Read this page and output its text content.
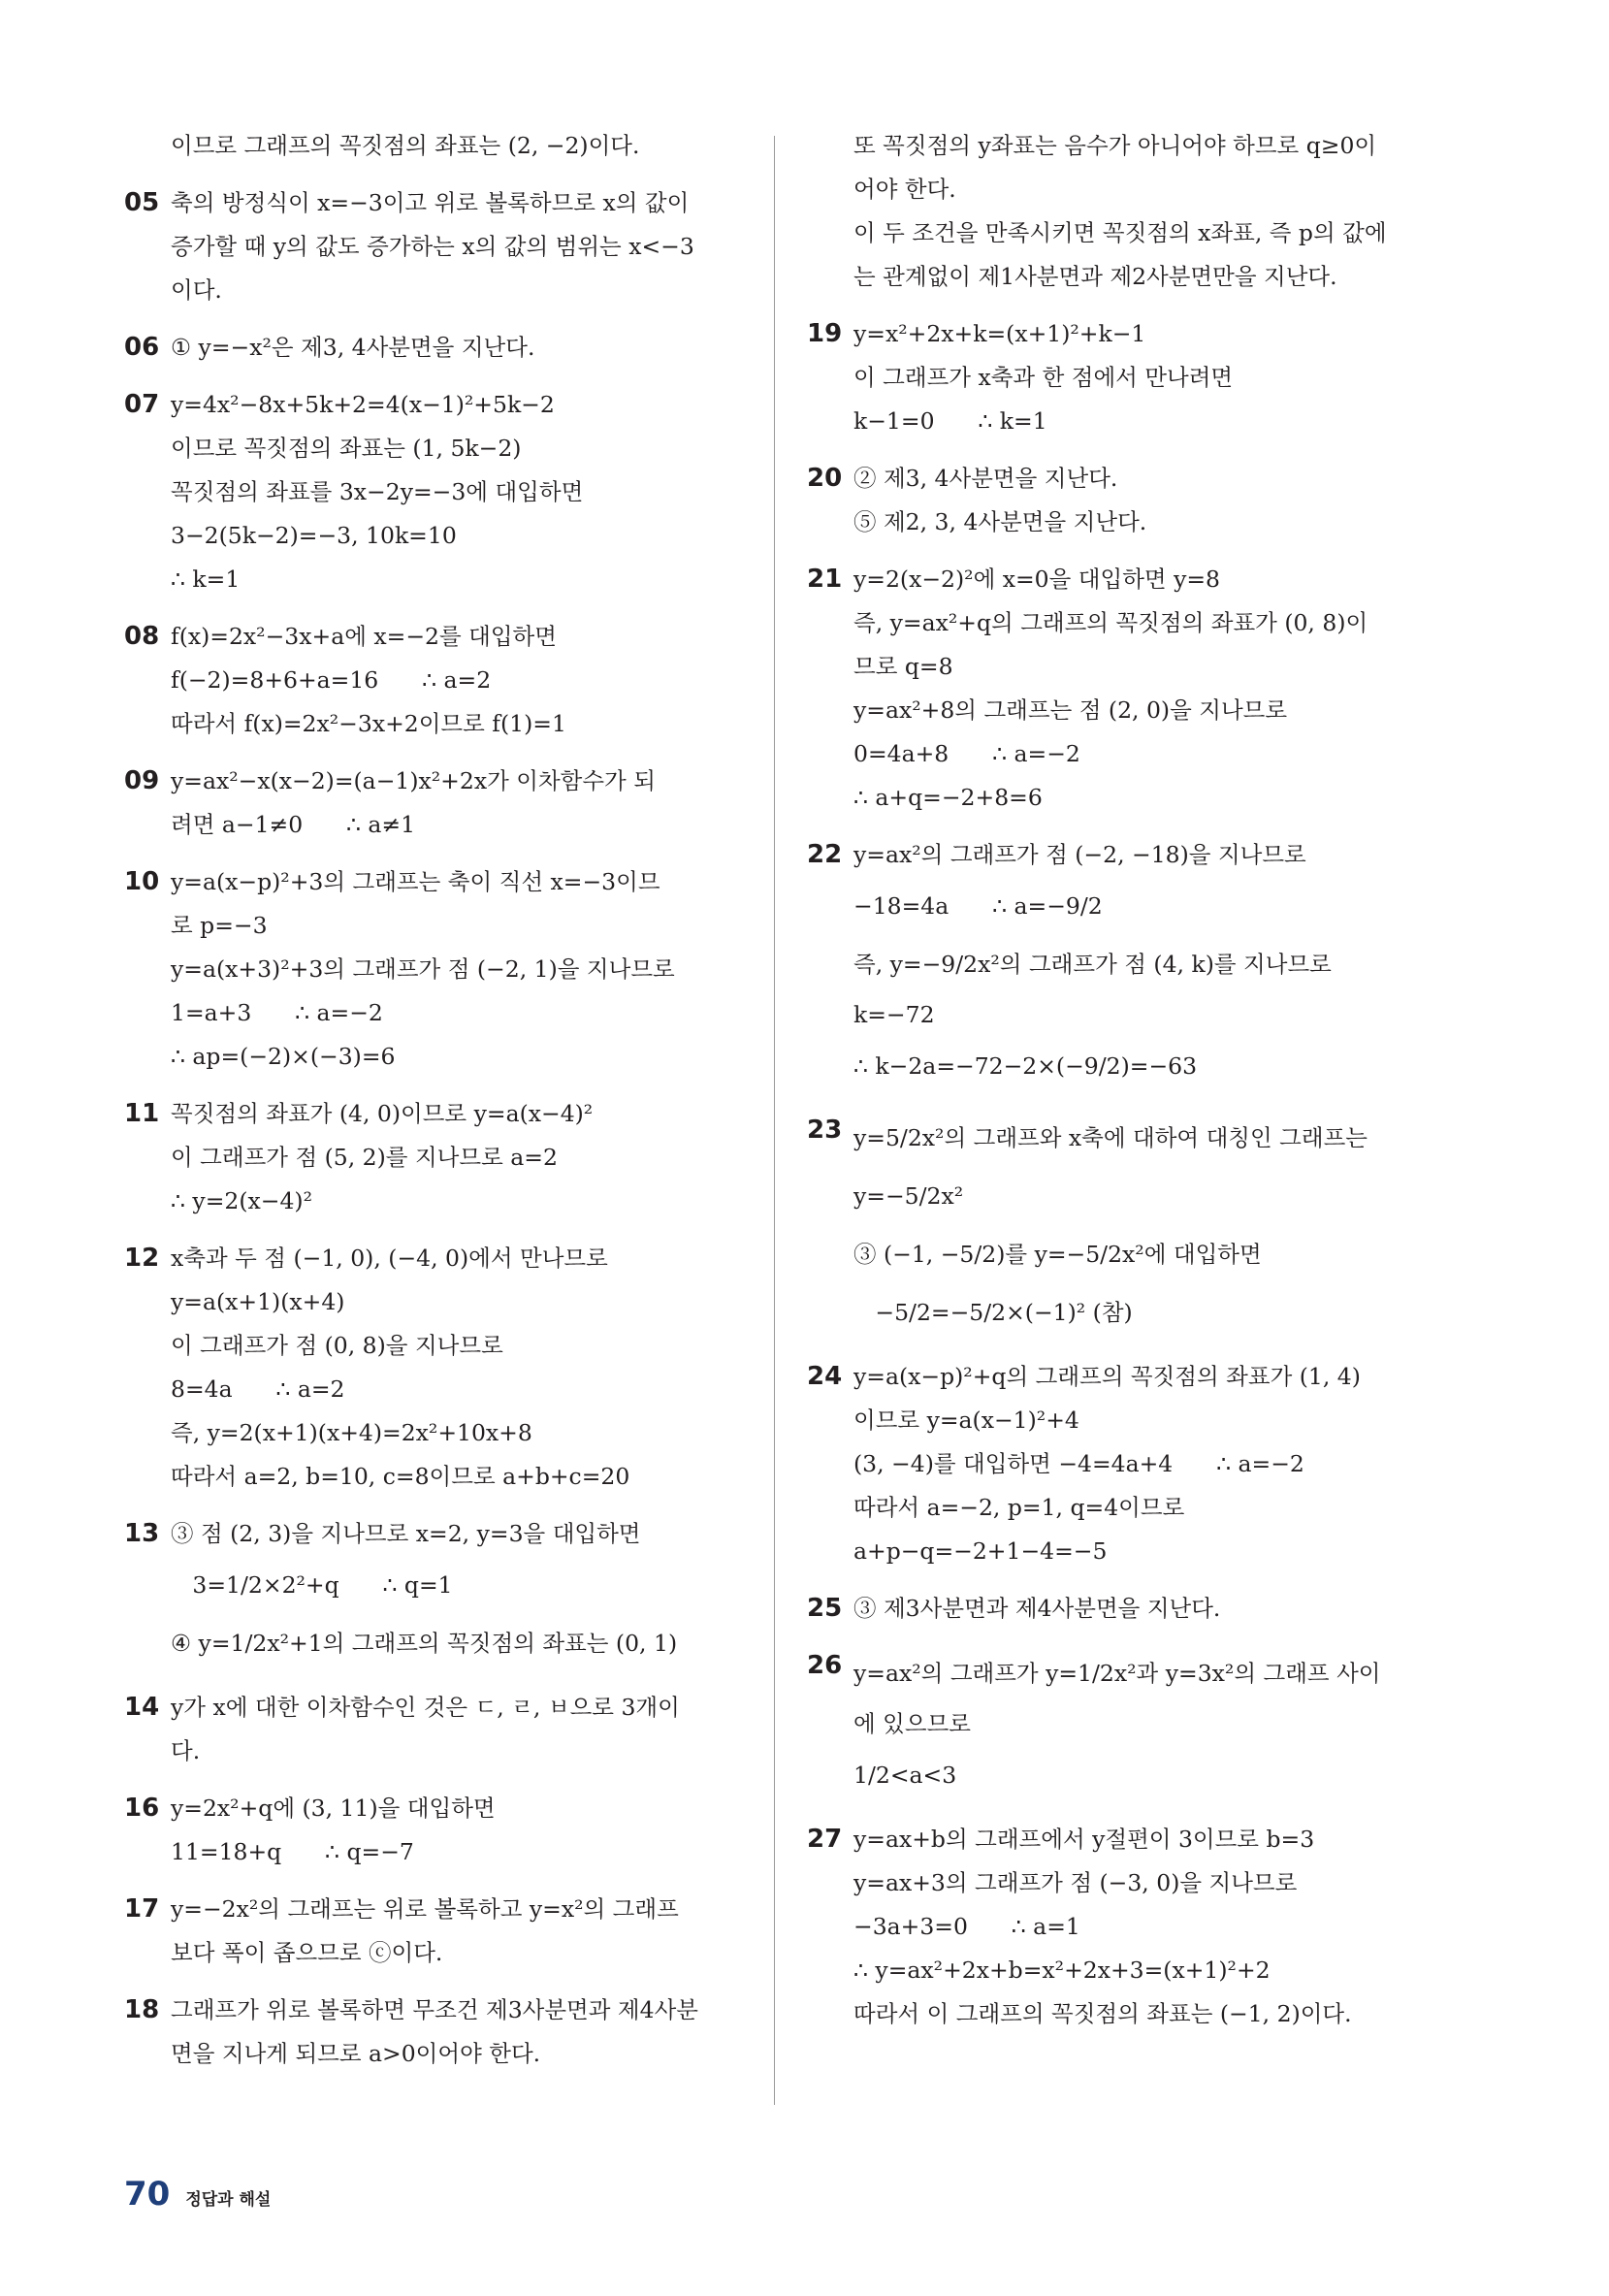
이므로 그래프의 꼭짓점의 좌표는 (2, −2)이다.
05 축의 방정식이 x=−3이고 위로 볼록하므로 x의 값이
증가할 때 y의 값도 증가하는 x의 값의 범위는 x<−3
이다.
06 ① y=−x²은 제3, 4사분면을 지난다.
07 y=4x²−8x+5k+2=4(x−1)²+5k−2
이므로 꼭짓점의 좌표는 (1, 5k−2)
꼭짓점의 좌표를 3x−2y=−3에 대입하면
3−2(5k−2)=−3, 10k=10
∴ k=1
08 f(x)=2x²−3x+a에 x=−2를 대입하면
f(−2)=8+6+a=16      ∴ a=2
따라서 f(x)=2x²−3x+2이므로 f(1)=1
09 y=ax²−x(x−2)=(a−1)x²+2x가 이차함수가 되
려면 a−1≠0      ∴ a≠1
10 y=a(x−p)²+3의 그래프는 축이 직선 x=−3이므
로 p=−3
y=a(x+3)²+3의 그래프가 점 (−2, 1)을 지나므로
1=a+3      ∴ a=−2
∴ ap=(−2)×(−3)=6
11 꼭짓점의 좌표가 (4, 0)이므로 y=a(x−4)²
이 그래프가 점 (5, 2)를 지나므로 a=2
∴ y=2(x−4)²
12 x축과 두 점 (−1, 0), (−4, 0)에서 만나므로
y=a(x+1)(x+4)
이 그래프가 점 (0, 8)을 지나므로
8=4a      ∴ a=2
즉, y=2(x+1)(x+4)=2x²+10x+8
따라서 a=2, b=10, c=8이므로 a+b+c=20
13 ③ 점 (2, 3)을 지나므로 x=2, y=3을 대입하면
3=1/2×2²+q      ∴ q=1
④ y=1/2x²+1의 그래프의 꼭짓점의 좌표는 (0, 1)
14 y가 x에 대한 이차함수인 것은 ㄷ, ㄹ, ㅂ으로 3개이
다.
16 y=2x²+q에 (3, 11)을 대입하면
11=18+q      ∴ q=−7
17 y=−2x²의 그래프는 위로 볼록하고 y=x²의 그래프
보다 폭이 좁으므로 ⓒ이다.
18 그래프가 위로 볼록하면 무조건 제3사분면과 제4사분
면을 지나게 되므로 a>0이어야 한다.
또 꼭짓점의 y좌표는 음수가 아니어야 하므로 q≥0이
어야 한다.
이 두 조건을 만족시키면 꼭짓점의 x좌표, 즉 p의 값에
는 관계없이 제1사분면과 제2사분면만을 지난다.
19 y=x²+2x+k=(x+1)²+k−1
이 그래프가 x축과 한 점에서 만나려면
k−1=0      ∴ k=1
20 ② 제3, 4사분면을 지난다.
⑤ 제2, 3, 4사분면을 지난다.
21 y=2(x−2)²에 x=0을 대입하면 y=8
즉, y=ax²+q의 그래프의 꼭짓점의 좌표가 (0, 8)이
므로 q=8
y=ax²+8의 그래프는 점 (2, 0)을 지나므로
0=4a+8      ∴ a=−2
∴ a+q=−2+8=6
22 y=ax²의 그래프가 점 (−2, −18)을 지나므로
−18=4a      ∴ a=−9/2
즉, y=−9/2x²의 그래프가 점 (4, k)를 지나므로
k=−72
∴ k−2a=−72−2×(−9/2)=−63
23 y=5/2x²의 그래프와 x축에 대하여 대칭인 그래프는
y=−5/2x²
③ (−1, −5/2)를 y=−5/2x²에 대입하면
−5/2=−5/2×(−1)² (참)
24 y=a(x−p)²+q의 그래프의 꼭짓점의 좌표가 (1, 4)
이므로 y=a(x−1)²+4
(3, −4)를 대입하면 −4=4a+4      ∴ a=−2
따라서 a=−2, p=1, q=4이므로
a+p−q=−2+1−4=−5
25 ③ 제3사분면과 제4사분면을 지난다.
26 y=ax²의 그래프가 y=1/2x²과 y=3x²의 그래프 사이
에 있으므로
1/2<a<3
27 y=ax+b의 그래프에서 y절편이 3이므로 b=3
y=ax+3의 그래프가 점 (−3, 0)을 지나므로
−3a+3=0      ∴ a=1
∴ y=ax²+2x+b=x²+2x+3=(x+1)²+2
따라서 이 그래프의 꼭짓점의 좌표는 (−1, 2)이다.
70 정답과 해설
